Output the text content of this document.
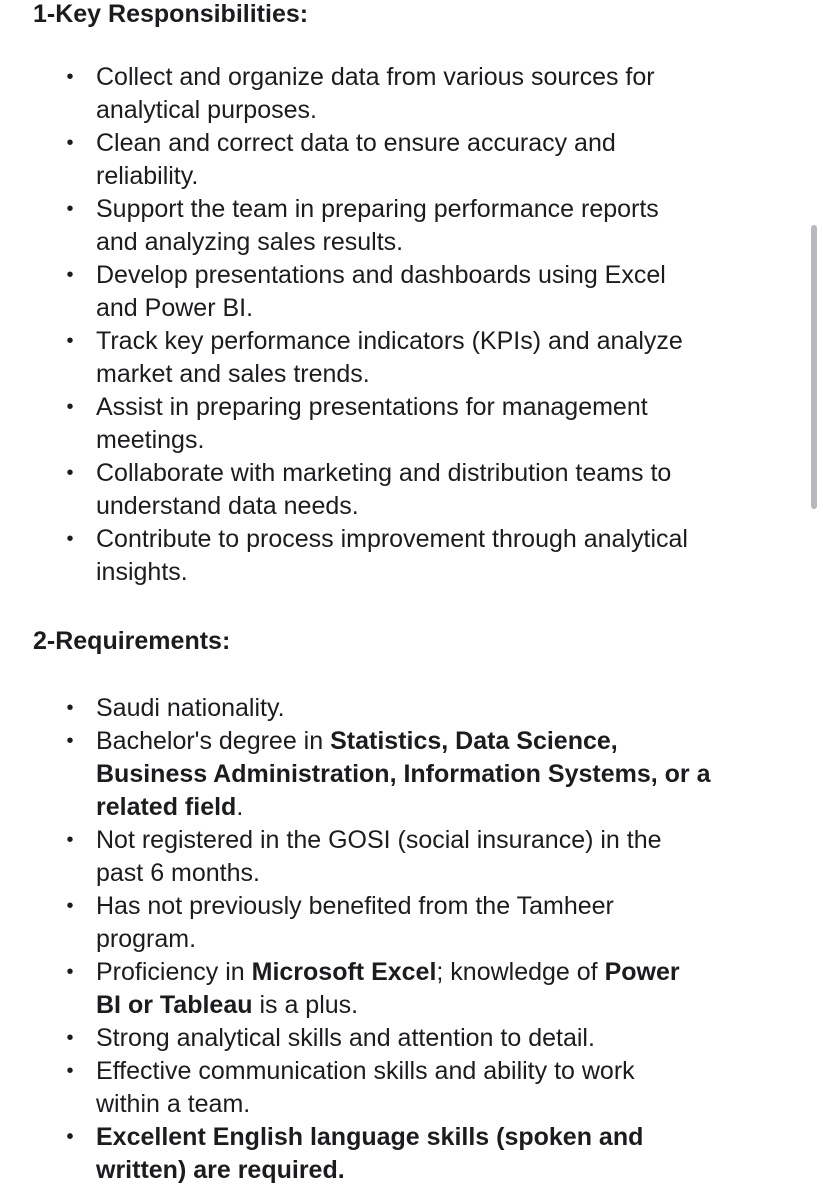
1-Key Responsibilities:
• Collect and organize data from various sources for
analytical purposes.
• Clean and correct data to ensure accuracy and
reliability.
• Support the team in preparing performance reports
and analyzing sales results.
• Develop presentations and dashboards using Excel
and Power BI.
• Track key performance indicators (KPIs) and analyze
market and sales trends.
• Assist in preparing presentations for management
meetings.
• Collaborate with marketing and distribution teams to
understand data needs.
• Contribute to process improvement through analytical
insights.
2-Requirements:
• Saudi nationality.
• Bachelor's degree in Statistics, Data Science,
Business Administration, Information Systems, or a
related field.
• Not registered in the GOSI (social insurance) in the
past 6 months.
• Has not previously benefited from the Tamheer
program.
• Proficiency in Microsoft Excel; knowledge of Power
BI or Tableau is a plus.
• Strong analytical skills and attention to detail.
• Effective communication skills and ability to work
within a team.
• Excellent English language skills (spoken and
written) are required.
